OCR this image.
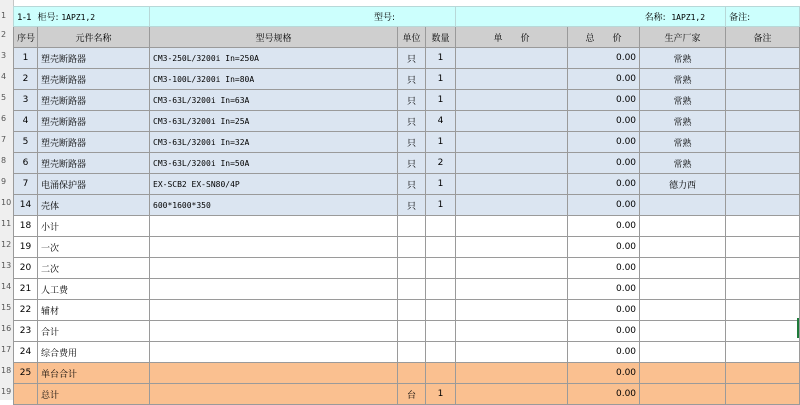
1
2
3
4
5
6
7
8
9
10
11
12
13
14
15
16
17
18
19
1-1 柜号: 1APZ1,2		型号:			名称: 1APZ1,2			备注:
序号	元件名称	型号规格	单位	数量	单　　价	总　　价	生产厂家	备注
1	塑壳断路器	CM3-250L/3200i In=250A	只	1		0.00	常熟	
2	塑壳断路器	CM3-100L/3200i In=80A	只	1		0.00	常熟	
3	塑壳断路器	CM3-63L/3200i In=63A	只	1		0.00	常熟	
4	塑壳断路器	CM3-63L/3200i In=25A	只	4		0.00	常熟	
5	塑壳断路器	CM3-63L/3200i In=32A	只	1		0.00	常熟	
6	塑壳断路器	CM3-63L/3200i In=50A	只	2		0.00	常熟	
7	电涌保护器	EX-SCB2 EX-SN80/4P	只	1		0.00	德力西	
14	壳体	600*1600*350	只	1		0.00		
18	小计					0.00		
19	一次					0.00		
20	二次					0.00		
21	人工费					0.00		
22	辅材					0.00		
23	合计					0.00		
24	综合费用					0.00		
25	单台合计					0.00		
	总计		台	1		0.00		
